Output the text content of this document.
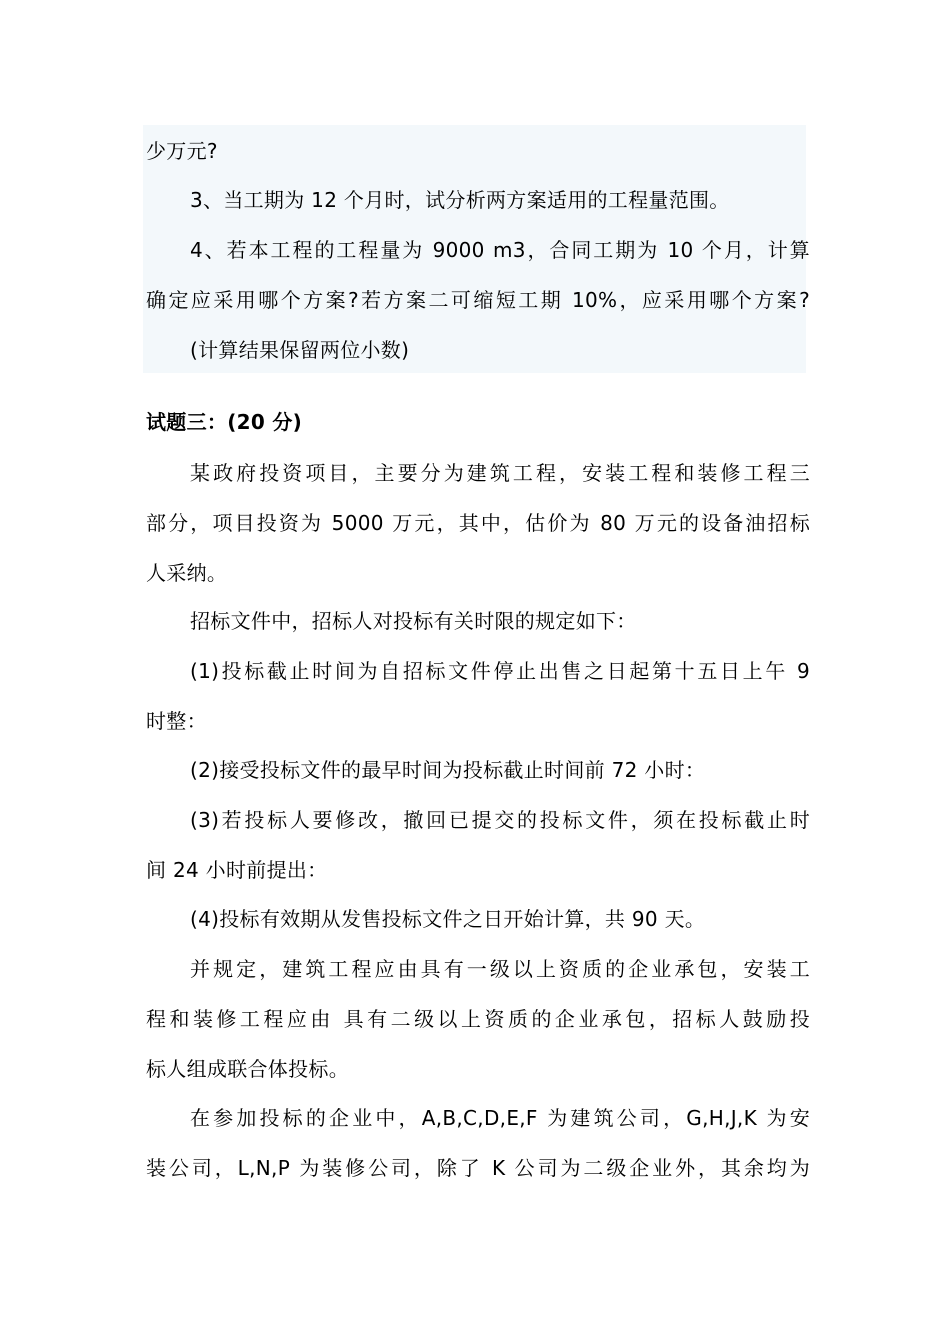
少万元?
3、当工期为 12 个月时，试分析两方案适用的工程量范围。
4、若本工程的工程量为 9000 m3，合同工期为 10 个月，计算
确定应采用哪个方案?若方案二可缩短工期 10%，应采用哪个方案?
(计算结果保留两位小数)
试题三：(20 分)
某政府投资项目，主要分为建筑工程，安装工程和装修工程三
部分，项目投资为 5000 万元，其中，估价为 80 万元的设备油招标
人采纳。
招标文件中，招标人对投标有关时限的规定如下：
(1)投标截止时间为自招标文件停止出售之日起第十五日上午 9
时整：
(2)接受投标文件的最早时间为投标截止时间前 72 小时：
(3)若投标人要修改，撤回已提交的投标文件，须在投标截止时
间 24 小时前提出：
(4)投标有效期从发售投标文件之日开始计算，共 90 天。
并规定，建筑工程应由具有一级以上资质的企业承包，安装工
程和装修工程应由 具有二级以上资质的企业承包，招标人鼓励投
标人组成联合体投标。
在参加投标的企业中，A,B,C,D,E,F 为建筑公司，G,H,J,K 为安
装公司，L,N,P 为装修公司，除了 K 公司为二级企业外，其余均为
